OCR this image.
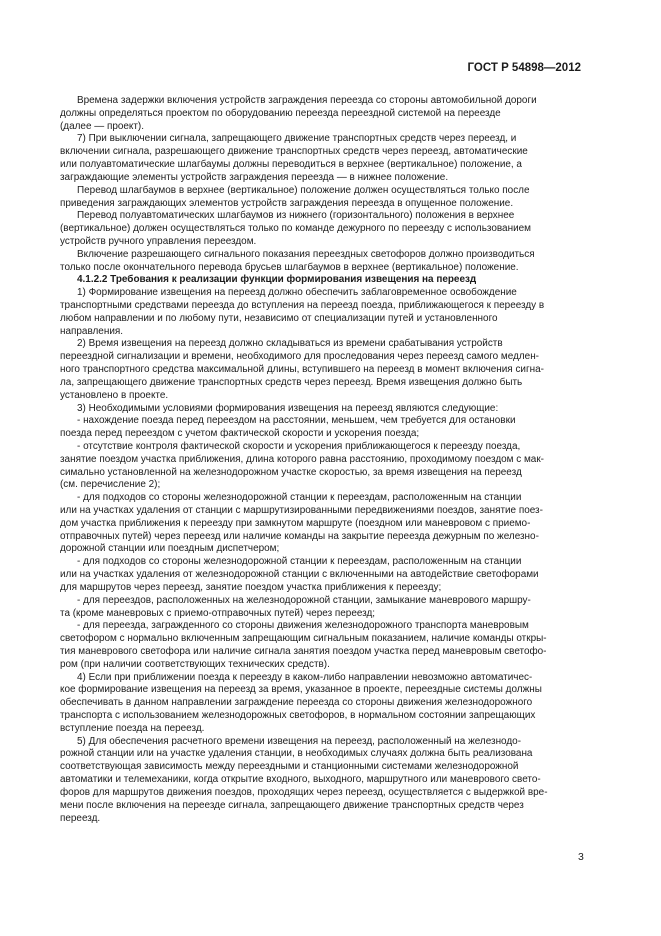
ГОСТ Р 54898—2012

Времена задержки включения устройств заграждения переезда со стороны автомобильной дороги

должны определяться проектом по оборудованию переезда переездной системой на переезде

(далее — проект).

7) При выключении сигнала, запрещающего движение транспортных средств через переезд, и

включении сигнала, разрешающего движение транспортных средств через переезд, автоматические

или полуавтоматические шлагбаумы должны переводиться в верхнее (вертикальное) положение, а

заграждающие элементы устройств заграждения переезда — в нижнее положение.

Перевод шлагбаумов в верхнее (вертикальное) положение должен осуществляться только после

приведения заграждающих элементов устройств заграждения переезда в опущенное положение.

Перевод полуавтоматических шлагбаумов из нижнего (горизонтального) положения в верхнее

(вертикальное) должен осуществляться только по команде дежурного по переезду с использованием

устройств ручного управления переездом.

Включение разрешающего сигнального показания переездных светофоров должно производиться

только после окончательного перевода брусьев шлагбаумов в верхнее (вертикальное) положение.

4.1.2.2 Требования к реализации функции формирования извещения на переезд

1) Формирование извещения на переезд должно обеспечить заблаговременное освобождение

транспортными средствами переезда до вступления на переезд поезда, приближающегося к переезду в

любом направлении и по любому пути, независимо от специализации путей и установленного

направления.

2) Время извещения на переезд должно складываться из времени срабатывания устройств

переездной сигнализации и времени, необходимого для проследования через переезд самого медлен-

ного транспортного средства максимальной длины, вступившего на переезд в момент включения сигна-

ла, запрещающего движение транспортных средств через переезд. Время извещения должно быть

установлено в проекте.

3) Необходимыми условиями формирования извещения на переезд являются следующие:

- нахождение поезда перед переездом на расстоянии, меньшем, чем требуется для остановки

поезда перед переездом с учетом фактической скорости и ускорения поезда;

- отсутствие контроля фактической скорости и ускорения приближающегося к переезду поезда,

занятие поездом участка приближения, длина которого равна расстоянию, проходимому поездом с мак-

симально установленной на железнодорожном участке скоростью, за время извещения на переезд

(см. перечисление 2);

- для подходов со стороны железнодорожной станции к переездам, расположенным на станции

или на участках удаления от станции с маршрутизированными передвижениями поездов, занятие поез-

дом участка приближения к переезду при замкнутом маршруте (поездном или маневровом с приемо-

отправочных путей) через переезд или наличие команды на закрытие переезда дежурным по железно-

дорожной станции или поездным диспетчером;

- для подходов со стороны железнодорожной станции к переездам, расположенным на станции

или на участках удаления от железнодорожной станции с включенными на автодействие светофорами

для маршрутов через переезд, занятие поездом участка приближения к переезду;

- для переездов, расположенных на железнодорожной станции, замыкание маневрового маршру-

та (кроме маневровых с приемо-отправочных путей) через переезд;

- для переезда, загражденного со стороны движения железнодорожного транспорта маневровым

светофором с нормально включенным запрещающим сигнальным показанием, наличие команды откры-

тия маневрового светофора или наличие сигнала занятия поездом участка перед маневровым светофо-

ром (при наличии соответствующих технических средств).

4) Если при приближении поезда к переезду в каком-либо направлении невозможно автоматичес-

кое формирование извещения на переезд за время, указанное в проекте, переездные системы должны

обеспечивать в данном направлении заграждение переезда со стороны движения железнодорожного

транспорта с использованием железнодорожных светофоров, в нормальном состоянии запрещающих

вступление поезда на переезд.

5) Для обеспечения расчетного времени извещения на переезд, расположенный на железнодо-

рожной станции или на участке удаления станции, в необходимых случаях должна быть реализована

соответствующая зависимость между переездными и станционными системами железнодорожной

автоматики и телемеханики, когда открытие входного, выходного, маршрутного или маневрового свето-

форов для маршрутов движения поездов, проходящих через переезд, осуществляется с выдержкой вре-

мени после включения на переезде сигнала, запрещающего движение транспортных средств через

переезд.

3
